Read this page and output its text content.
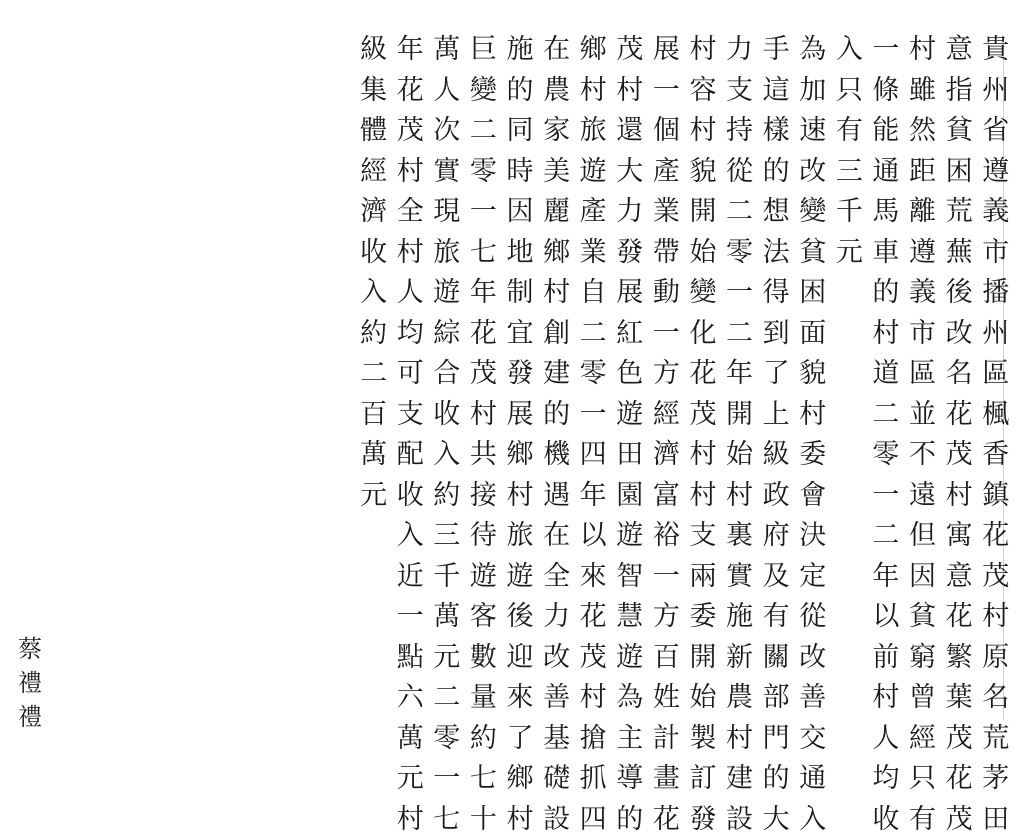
貴
州
省
遵
義
市
播
州
區
楓
香
鎮
花
茂
村
原
名
荒
茅
田
意
指
貧
困
荒
蕪
後
改
名
花
茂
村
寓
意
花
繁
葉
茂
花
茂
村
雖
然
距
離
遵
義
市
區
並
不
遠
但
因
貧
窮
曾
經
只
有
一
條
能
通
馬
車
的
村
道
二
零
一
二
年
以
前
村
人
均
收
入
只
有
三
千
元
為
加
速
改
變
貧
困
面
貌
村
委
會
決
定
從
改
善
交
通
入
手
這
樣
的
想
法
得
到
了
上
級
政
府
及
有
關
部
門
的
大
力
支
持
從
二
零
一
二
年
開
始
村
裏
實
施
新
農
村
建
設
村
容
村
貌
開
始
變
化
花
茂
村
村
支
兩
委
開
始
製
訂
發
展
一
個
產
業
帶
動
一
方
經
濟
富
裕
一
方
百
姓
計
畫
花
茂
村
還
大
力
發
展
紅
色
遊
田
園
遊
智
慧
遊
為
主
導
的
鄉
村
旅
遊
產
業
自
二
零
一
四
年
以
來
花
茂
村
搶
抓
四
在
農
家
美
麗
鄉
村
創
建
的
機
遇
在
全
力
改
善
基
礎
設
施
的
同
時
因
地
制
宜
發
展
鄉
村
旅
遊
後
迎
來
了
鄉
村
巨
變
二
零
一
七
年
花
茂
村
共
接
待
遊
客
數
量
約
七
十
萬
人
次
實
現
旅
遊
綜
合
收
入
約
三
千
萬
元
二
零
一
七
年
花
茂
村
全
村
人
均
可
支
配
收
入
近
一
點
六
萬
元
村
級
集
體
經
濟
收
入
約
二
百
萬
元
蔡
禮
禮
